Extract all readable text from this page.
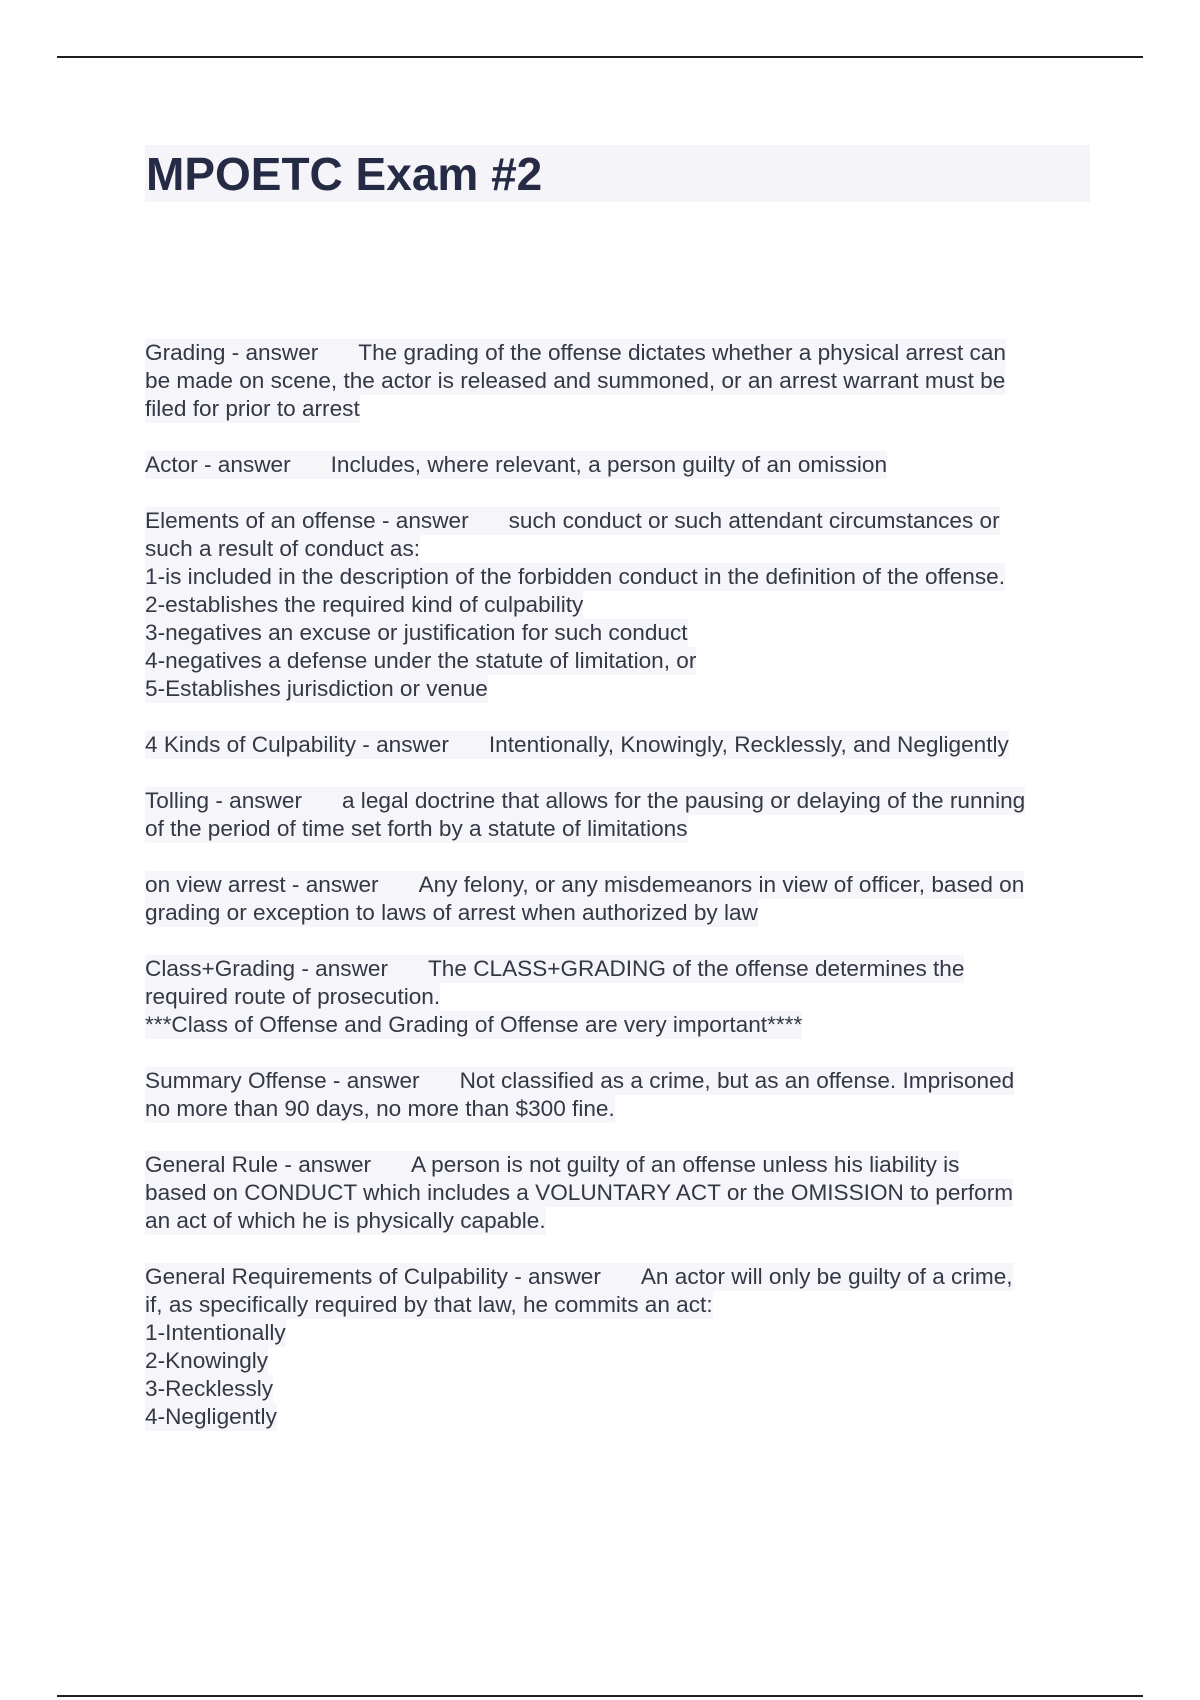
MPOETC Exam #2
Grading - answer The grading of the offense dictates whether a physical arrest can
be made on scene, the actor is released and summoned, or an arrest warrant must be
filed for prior to arrest
Actor - answer Includes, where relevant, a person guilty of an omission
Elements of an offense - answer such conduct or such attendant circumstances or
such a result of conduct as:
1-is included in the description of the forbidden conduct in the definition of the offense.
2-establishes the required kind of culpability
3-negatives an excuse or justification for such conduct
4-negatives a defense under the statute of limitation, or
5-Establishes jurisdiction or venue
4 Kinds of Culpability - answer Intentionally, Knowingly, Recklessly, and Negligently
Tolling - answer a legal doctrine that allows for the pausing or delaying of the running
of the period of time set forth by a statute of limitations
on view arrest - answer Any felony, or any misdemeanors in view of officer, based on
grading or exception to laws of arrest when authorized by law
Class+Grading - answer The CLASS+GRADING of the offense determines the
required route of prosecution.
***Class of Offense and Grading of Offense are very important****
Summary Offense - answer Not classified as a crime, but as an offense. Imprisoned
no more than 90 days, no more than $300 fine.
General Rule - answer A person is not guilty of an offense unless his liability is
based on CONDUCT which includes a VOLUNTARY ACT or the OMISSION to perform
an act of which he is physically capable.
General Requirements of Culpability - answer An actor will only be guilty of a crime,
if, as specifically required by that law, he commits an act:
1-Intentionally
2-Knowingly
3-Recklessly
4-Negligently
